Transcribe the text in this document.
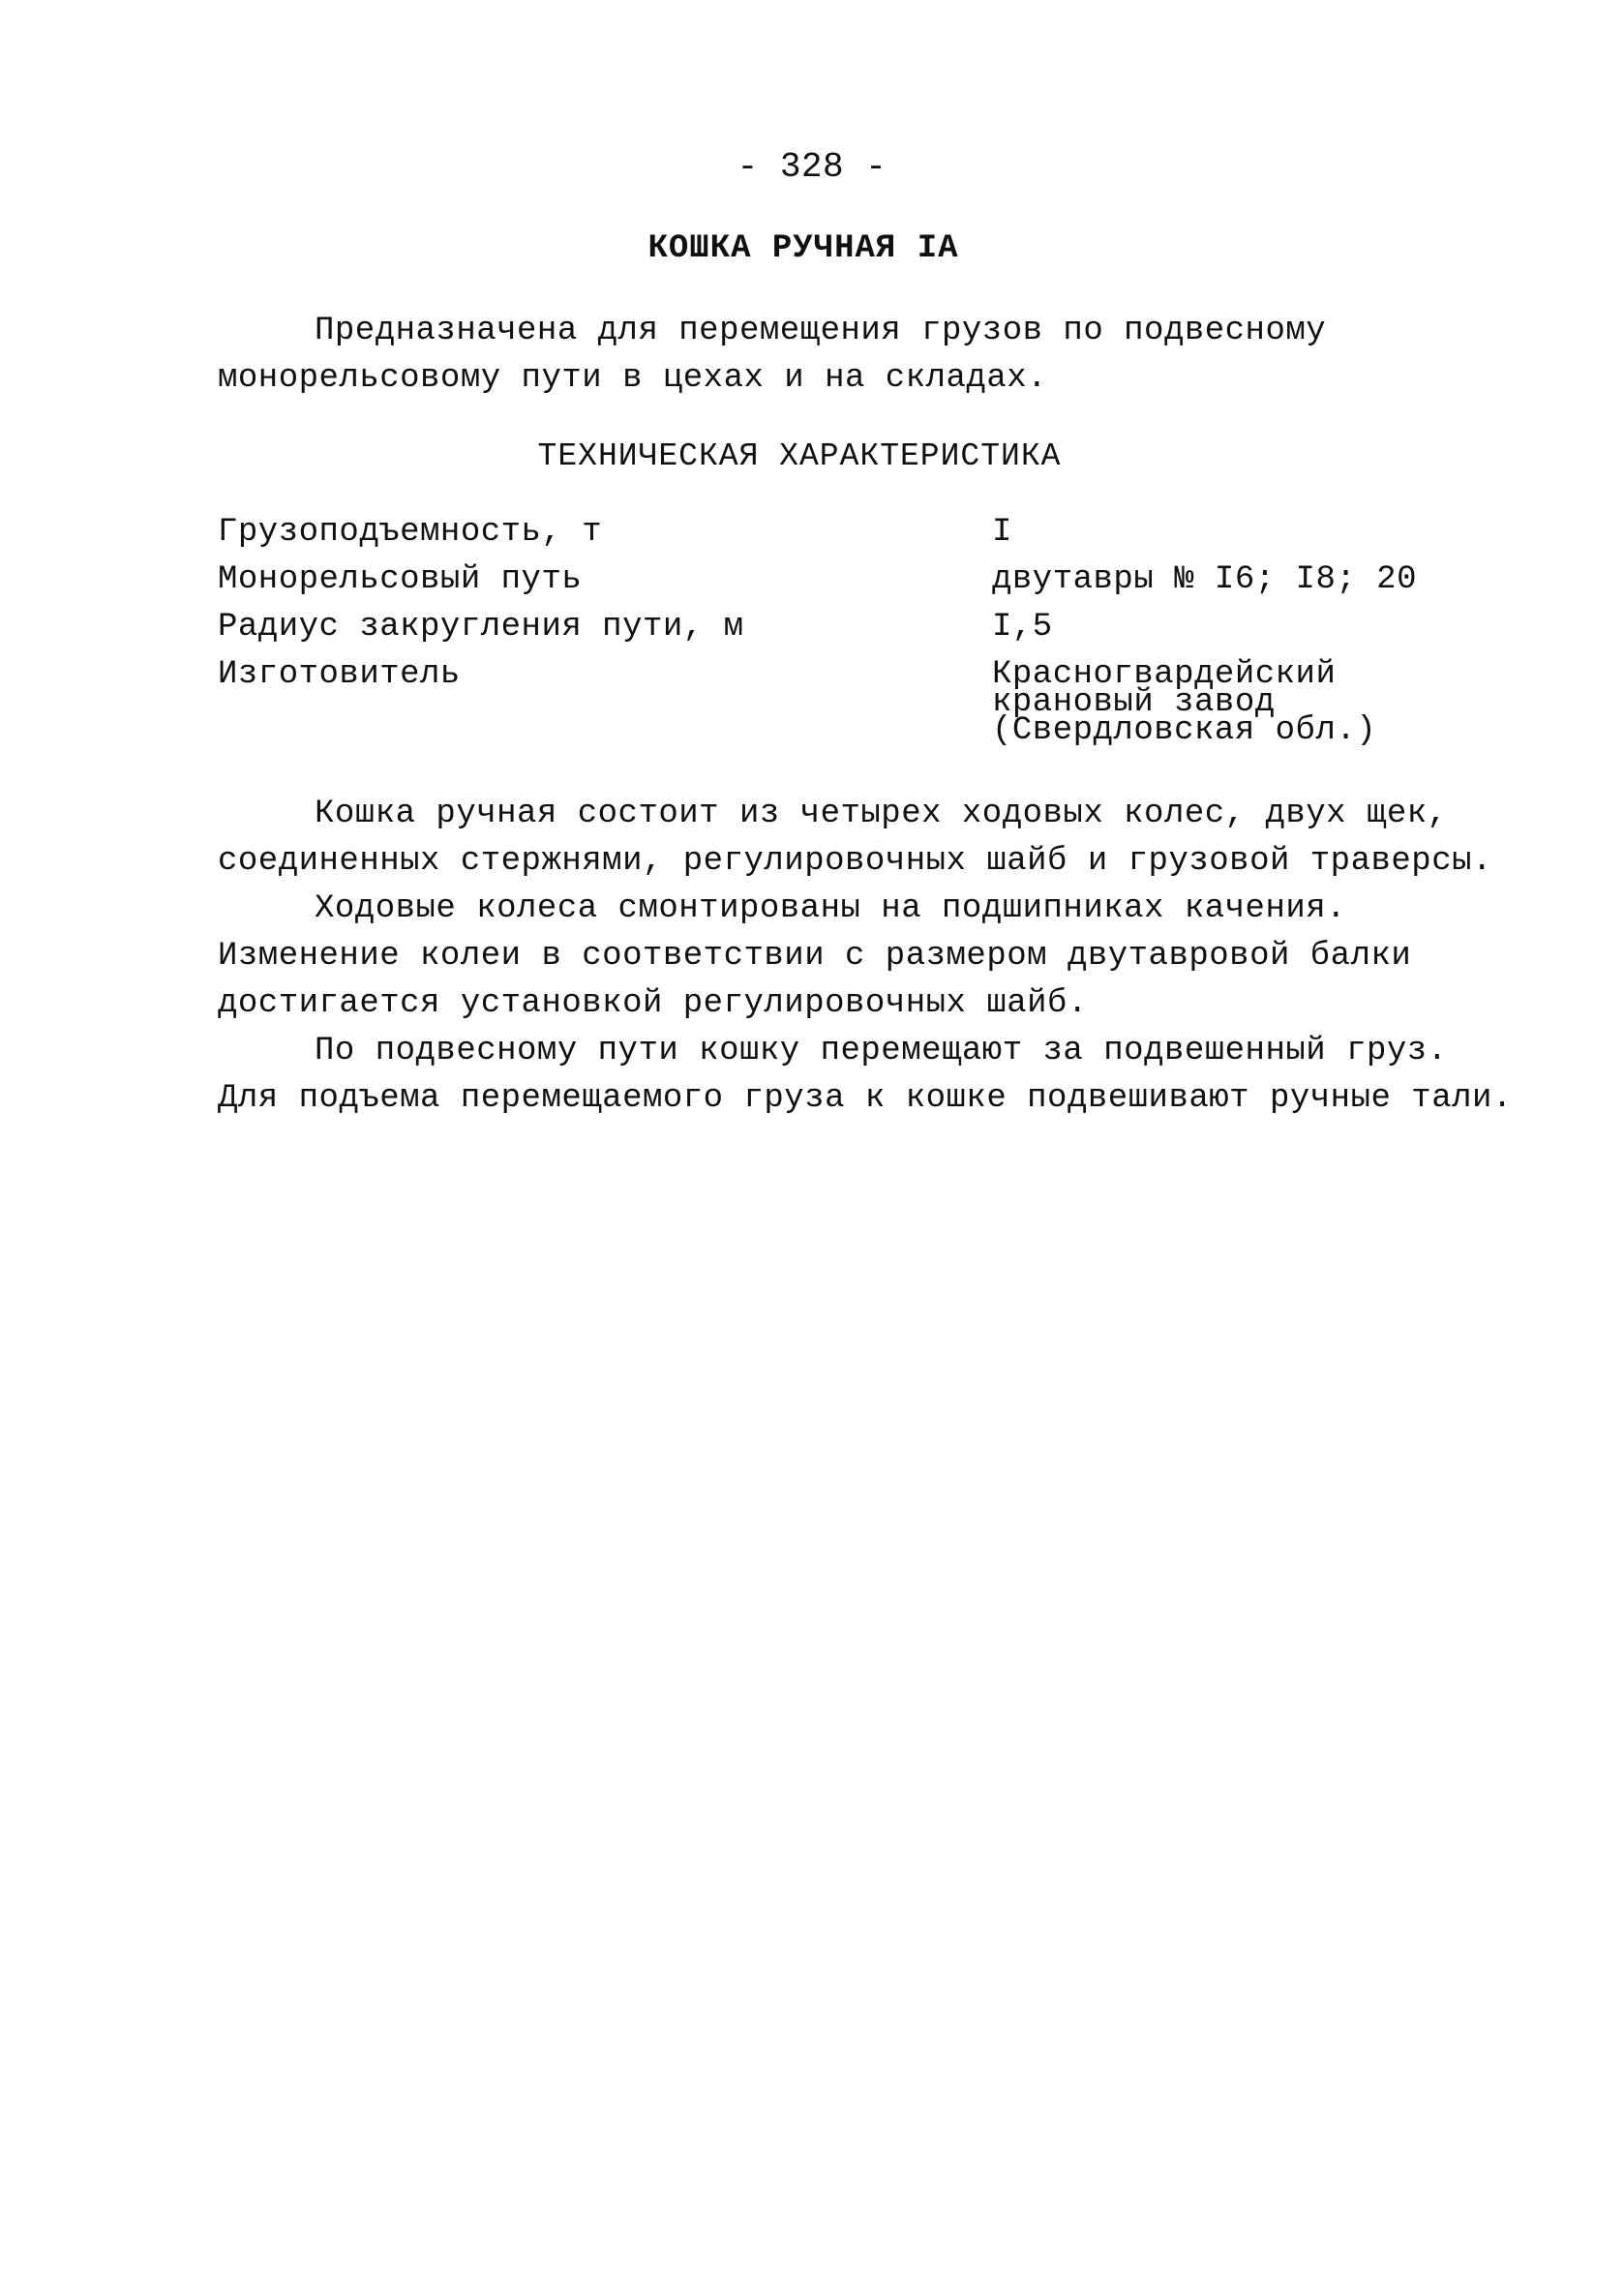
- 328 -
КОШКА РУЧНАЯ IA

Предназначена для перемещения грузов по подвесному

монорельсовому пути в цехах и на складах.
ТЕХНИЧЕСКАЯ ХАРАКТЕРИСТИКА
Грузоподъемность, т	I
Монорельсовый путь	двутавры № I6; I8; 20
Радиус закругления пути, м	I,5
Изготовитель	Красногвардейский
крановый завод
(Свердловская обл.)

Кошка ручная состоит из четырех ходовых колес, двух щек,

соединенных стержнями, регулировочных шайб и грузовой траверсы.

Ходовые колеса смонтированы на подшипниках качения.

Изменение колеи в соответствии с размером двутавровой балки
достигается установкой регулировочных шайб.

По подвесному пути кошку перемещают за подвешенный груз.

Для подъема перемещаемого груза к кошке подвешивают ручные тали.
